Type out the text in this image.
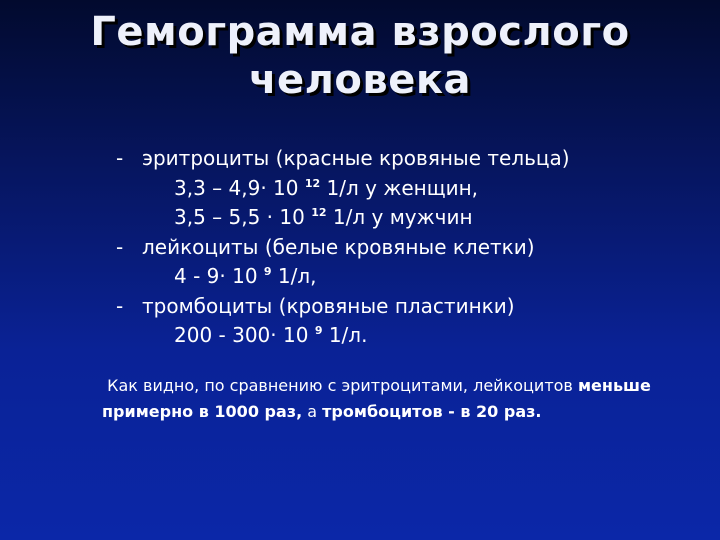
Гемограмма взрослого
человека
- эритроциты (красные кровяные тельца)
3,3 – 4,9· 10 $^{12}$ 1/л у женщин,
3,5 – 5,5 · 10 $^{12}$ 1/л у мужчин
- лейкоциты (белые кровяные клетки)
4 - 9· 10 $^9$ 1/л,
- тромбоциты (кровяные пластинки)
200 - 300· 10 $^9$ 1/л.
Как видно, по сравнению с эритроцитами, лейкоцитов меньше примерно в 1000 раз, а тромбоцитов - в 20 раз.
